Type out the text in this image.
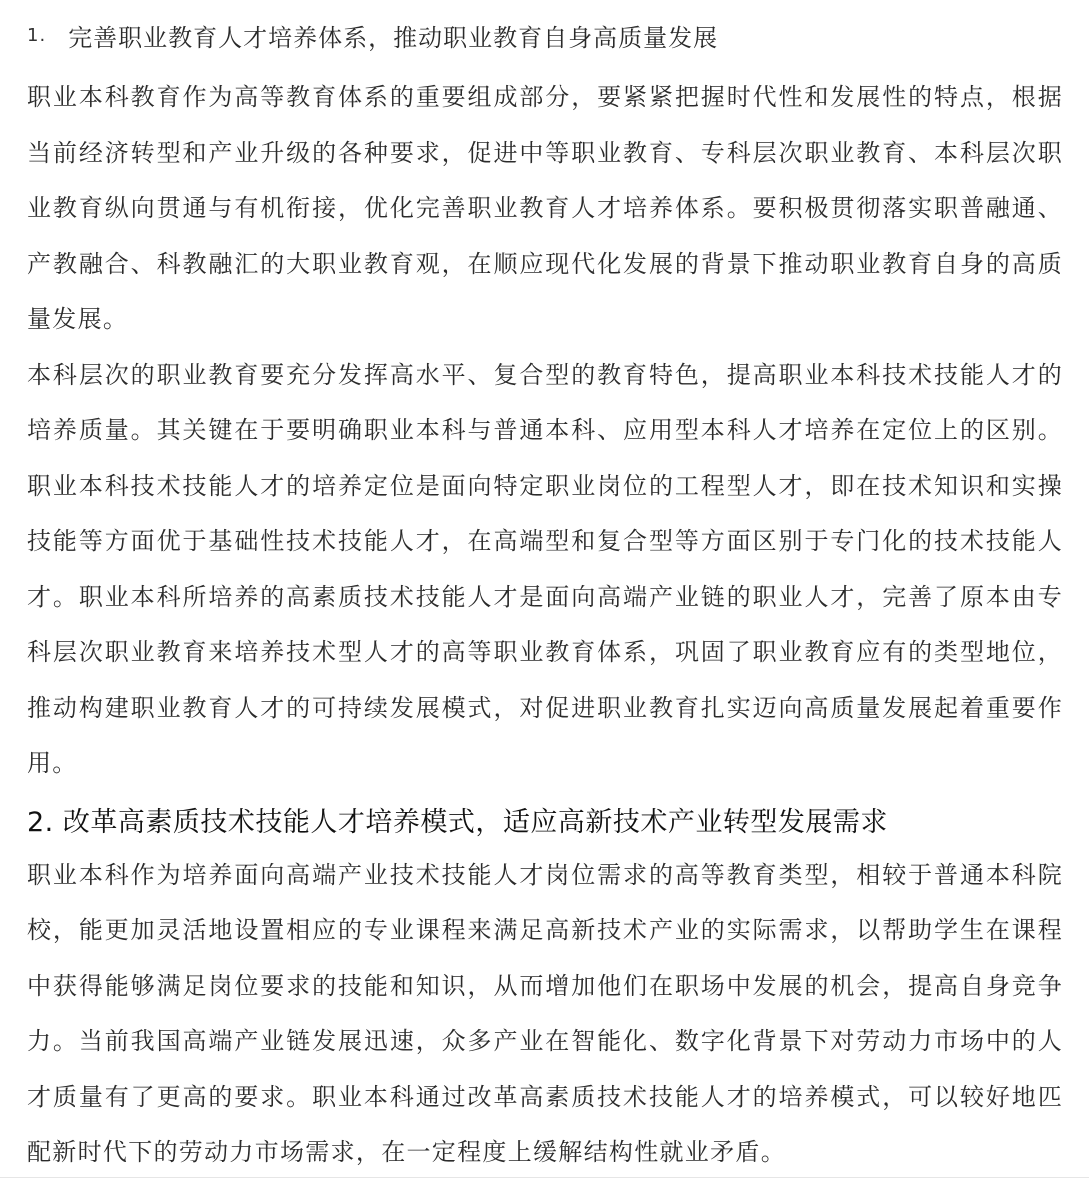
1. 完善职业教育人才培养体系，推动职业教育自身高质量发展

职业本科教育作为高等教育体系的重要组成部分，要紧紧把握时代性和发展性的特点，根据当前经济转型和产业升级的各种要求，促进中等职业教育、专科层次职业教育、本科层次职业教育纵向贯通与有机衔接，优化完善职业教育人才培养体系。要积极贯彻落实职普融通、产教融合、科教融汇的大职业教育观，在顺应现代化发展的背景下推动职业教育自身的高质量发展。

本科层次的职业教育要充分发挥高水平、复合型的教育特色，提高职业本科技术技能人才的培养质量。其关键在于要明确职业本科与普通本科、应用型本科人才培养在定位上的区别。职业本科技术技能人才的培养定位是面向特定职业岗位的工程型人才，即在技术知识和实操技能等方面优于基础性技术技能人才，在高端型和复合型等方面区别于专门化的技术技能人才。职业本科所培养的高素质技术技能人才是面向高端产业链的职业人才，完善了原本由专科层次职业教育来培养技术型人才的高等职业教育体系，巩固了职业教育应有的类型地位，推动构建职业教育人才的可持续发展模式，对促进职业教育扎实迈向高质量发展起着重要作用。

2. 改革高素质技术技能人才培养模式，适应高新技术产业转型发展需求

职业本科作为培养面向高端产业技术技能人才岗位需求的高等教育类型，相较于普通本科院校，能更加灵活地设置相应的专业课程来满足高新技术产业的实际需求，以帮助学生在课程中获得能够满足岗位要求的技能和知识，从而增加他们在职场中发展的机会，提高自身竞争力。当前我国高端产业链发展迅速，众多产业在智能化、数字化背景下对劳动力市场中的人才质量有了更高的要求。职业本科通过改革高素质技术技能人才的培养模式，可以较好地匹配新时代下的劳动力市场需求，在一定程度上缓解结构性就业矛盾。
